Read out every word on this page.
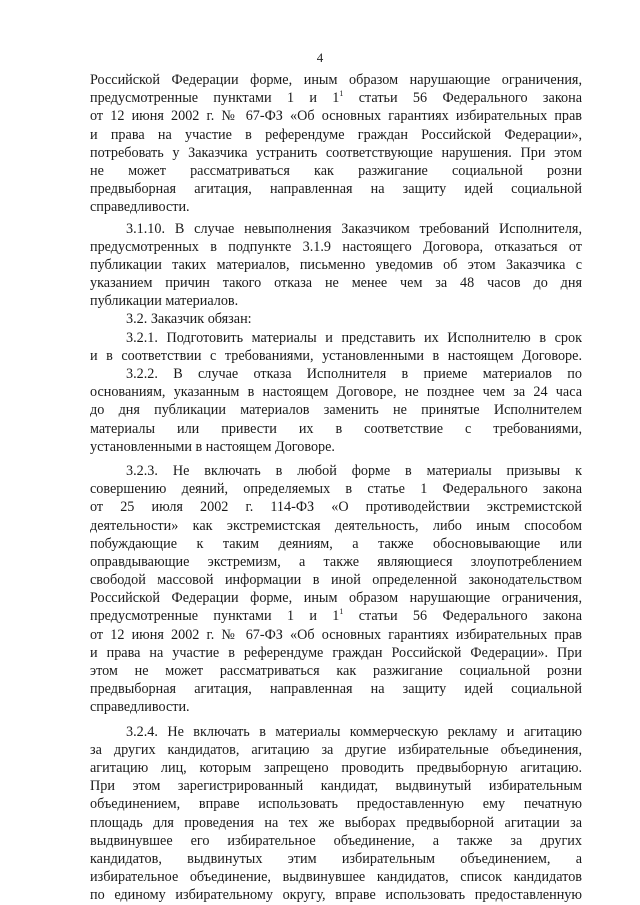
4
Российской Федерации форме, иным образом нарушающие ограничения,
предусмотренные пунктами 1 и $1^1$ статьи 56 Федерального закона
от 12 июня 2002 г. № 67-ФЗ «Об основных гарантиях избирательных прав
и права на участие в референдуме граждан Российской Федерации»,
потребовать у Заказчика устранить соответствующие нарушения. При этом
не может рассматриваться как разжигание социальной розни
предвыборная агитация, направленная на защиту идей социальной
справедливости.
3.1.10. В случае невыполнения Заказчиком требований Исполнителя,
предусмотренных в подпункте 3.1.9 настоящего Договора, отказаться от
публикации таких материалов, письменно уведомив об этом Заказчика с
указанием причин такого отказа не менее чем за 48 часов до дня
публикации материалов.
3.2. Заказчик обязан:
3.2.1. Подготовить материалы и представить их Исполнителю в срок
и в соответствии с требованиями, установленными в настоящем Договоре.
3.2.2. В случае отказа Исполнителя в приеме материалов по
основаниям, указанным в настоящем Договоре, не позднее чем за 24 часа
до дня публикации материалов заменить не принятые Исполнителем
материалы или привести их в соответствие с требованиями,
установленными в настоящем Договоре.
3.2.3. Не включать в любой форме в материалы призывы к
совершению деяний, определяемых в статье 1 Федерального закона
от 25 июля 2002 г. 114-ФЗ «О противодействии экстремистской
деятельности» как экстремистская деятельность, либо иным способом
побуждающие к таким деяниям, а также обосновывающие или
оправдывающие экстремизм, а также являющиеся злоупотреблением
свободой массовой информации в иной определенной законодательством
Российской Федерации форме, иным образом нарушающие ограничения,
предусмотренные пунктами 1 и $1^1$ статьи 56 Федерального закона
от 12 июня 2002 г. № 67-ФЗ «Об основных гарантиях избирательных прав
и права на участие в референдуме граждан Российской Федерации». При
этом не может рассматриваться как разжигание социальной розни
предвыборная агитация, направленная на защиту идей социальной
справедливости.
3.2.4. Не включать в материалы коммерческую рекламу и агитацию
за других кандидатов, агитацию за другие избирательные объединения,
агитацию лиц, которым запрещено проводить предвыборную агитацию.
При этом зарегистрированный кандидат, выдвинутый избирательным
объединением, вправе использовать предоставленную ему печатную
площадь для проведения на тех же выборах предвыборной агитации за
выдвинувшее его избирательное объединение, а также за других
кандидатов, выдвинутых этим избирательным объединением, а
избирательное объединение, выдвинувшее кандидатов, список кандидатов
по единому избирательному округу, вправе использовать предоставленную
